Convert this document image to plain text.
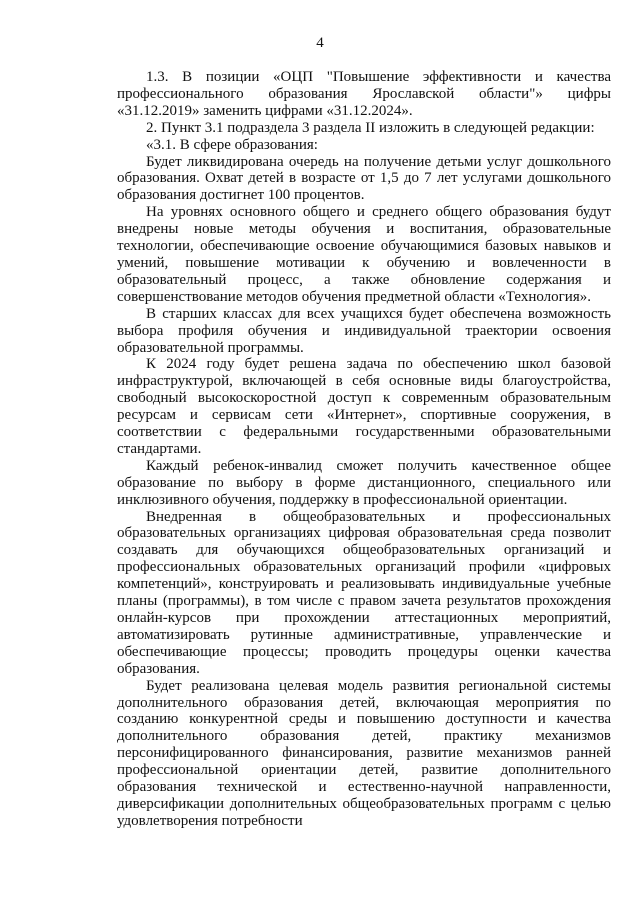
4

1.3. В позиции «ОЦП "Повышение эффективности и качества профессионального образования Ярославской области"» цифры «31.12.2019» заменить цифрами «31.12.2024».

2. Пункт 3.1 подраздела 3 раздела II изложить в следующей редакции:

«3.1. В сфере образования:

Будет ликвидирована очередь на получение детьми услуг дошкольного образования. Охват детей в возрасте от 1,5 до 7 лет услугами дошкольного образования достигнет 100 процентов.

На уровнях основного общего и среднего общего образования будут внедрены новые методы обучения и воспитания, образовательные технологии, обеспечивающие освоение обучающимися базовых навыков и умений, повышение мотивации к обучению и вовлеченности в образовательный процесс, а также обновление содержания и совершенствование методов обучения предметной области «Технология».

В старших классах для всех учащихся будет обеспечена возможность выбора профиля обучения и индивидуальной траектории освоения образовательной программы.

К 2024 году будет решена задача по обеспечению школ базовой инфраструктурой, включающей в себя основные виды благоустройства, свободный высокоскоростной доступ к современным образовательным ресурсам и сервисам сети «Интернет», спортивные сооружения, в соответствии с федеральными государственными образовательными стандартами.

Каждый ребенок-инвалид сможет получить качественное общее образование по выбору в форме дистанционного, специального или инклюзивного обучения, поддержку в профессиональной ориентации.

Внедренная в общеобразовательных и профессиональных образовательных организациях цифровая образовательная среда позволит создавать для обучающихся общеобразовательных организаций и профессиональных образовательных организаций профили «цифровых компетенций», конструировать и реализовывать индивидуальные учебные планы (программы), в том числе с правом зачета результатов прохождения онлайн-курсов при прохождении аттестационных мероприятий, автоматизировать рутинные административные, управленческие и обеспечивающие процессы; проводить процедуры оценки качества образования.

Будет реализована целевая модель развития региональной системы дополнительного образования детей, включающая мероприятия по созданию конкурентной среды и повышению доступности и качества дополнительного образования детей, практику механизмов персонифицированного финансирования, развитие механизмов ранней профессиональной ориентации детей, развитие дополнительного образования технической и естественно-научной направленности, диверсификации дополнительных общеобразовательных программ с целью удовлетворения потребности
